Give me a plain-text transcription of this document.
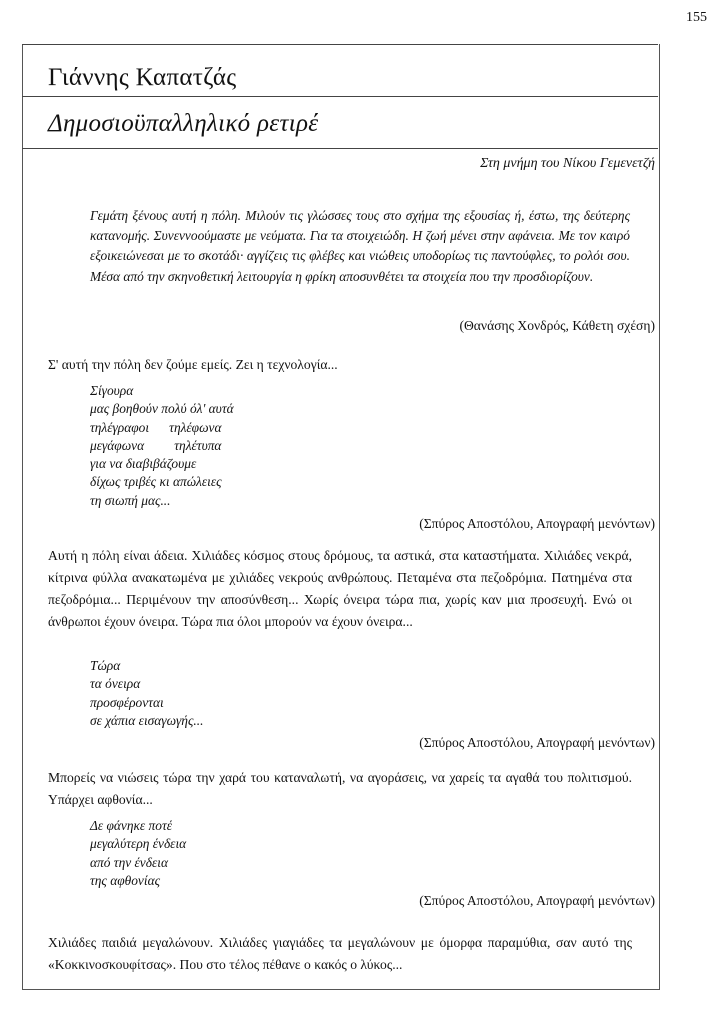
155
Γιάννης Καπατζάς
Δημοσιοϋπαλληλικό ρετιρέ
Στη μνήμη του Νίκου Γεμενετζή

Γεμάτη ξένους αυτή η πόλη. Μιλούν τις γλώσσες τους στο σχήμα της εξουσίας ή, έστω, της δεύτερης κατανομής. Συνεννοούμαστε με νεύματα. Για τα στοιχειώδη. Η ζωή μένει στην αφάνεια. Με τον καιρό εξοικειώνεσαι με το σκοτάδι· αγγίζεις τις φλέβες και νιώθεις υποδορίως τις παντούφλες, το ρολόι σου. Μέσα από την σκηνοθετική λειτουργία η φρίκη αποσυνθέτει τα στοιχεία που την προσδιορίζουν.

(Θανάσης Χονδρός, Κάθετη σχέση)
Σ' αυτή την πόλη δεν ζούμε εμείς. Ζει η τεχνολογία...
Σίγουρα
μας βοηθούν πολύ όλ' αυτά
τηλέγραφοι      τηλέφωνα
μεγάφωνα         τηλέτυπα
για να διαβιβάζουμε
δίχως τριβές κι απώλειες
τη σιωπή μας...
(Σπύρος Αποστόλου, Απογραφή μενόντων)
Αυτή η πόλη είναι άδεια. Χιλιάδες κόσμος στους δρόμους, τα αστικά, στα καταστήματα. Χιλιάδες νεκρά, κίτρινα φύλλα ανακατωμένα με χιλιάδες νεκρούς ανθρώπους. Πεταμένα στα πεζοδρόμια. Πατημένα στα πεζοδρόμια... Περιμένουν την αποσύνθεση... Χωρίς όνειρα τώρα πια, χωρίς καν μια προσευχή. Ενώ οι άνθρωποι έχουν όνειρα. Τώρα πια όλοι μπορούν να έχουν όνειρα...
Τώρα
τα όνειρα
προσφέρονται
σε χάπια εισαγωγής...
(Σπύρος Αποστόλου, Απογραφή μενόντων)
Μπορείς να νιώσεις τώρα την χαρά του καταναλωτή, να αγοράσεις, να χαρείς τα αγαθά του πολιτισμού. Υπάρχει αφθονία...
Δε φάνηκε ποτέ
μεγαλύτερη ένδεια
από την ένδεια
της αφθονίας
(Σπύρος Αποστόλου, Απογραφή μενόντων)
Χιλιάδες παιδιά μεγαλώνουν. Χιλιάδες γιαγιάδες τα μεγαλώνουν με όμορφα παραμύθια, σαν αυτό της «Κοκκινοσκουφίτσας». Που στο τέλος πέθανε ο κακός ο λύκος...
